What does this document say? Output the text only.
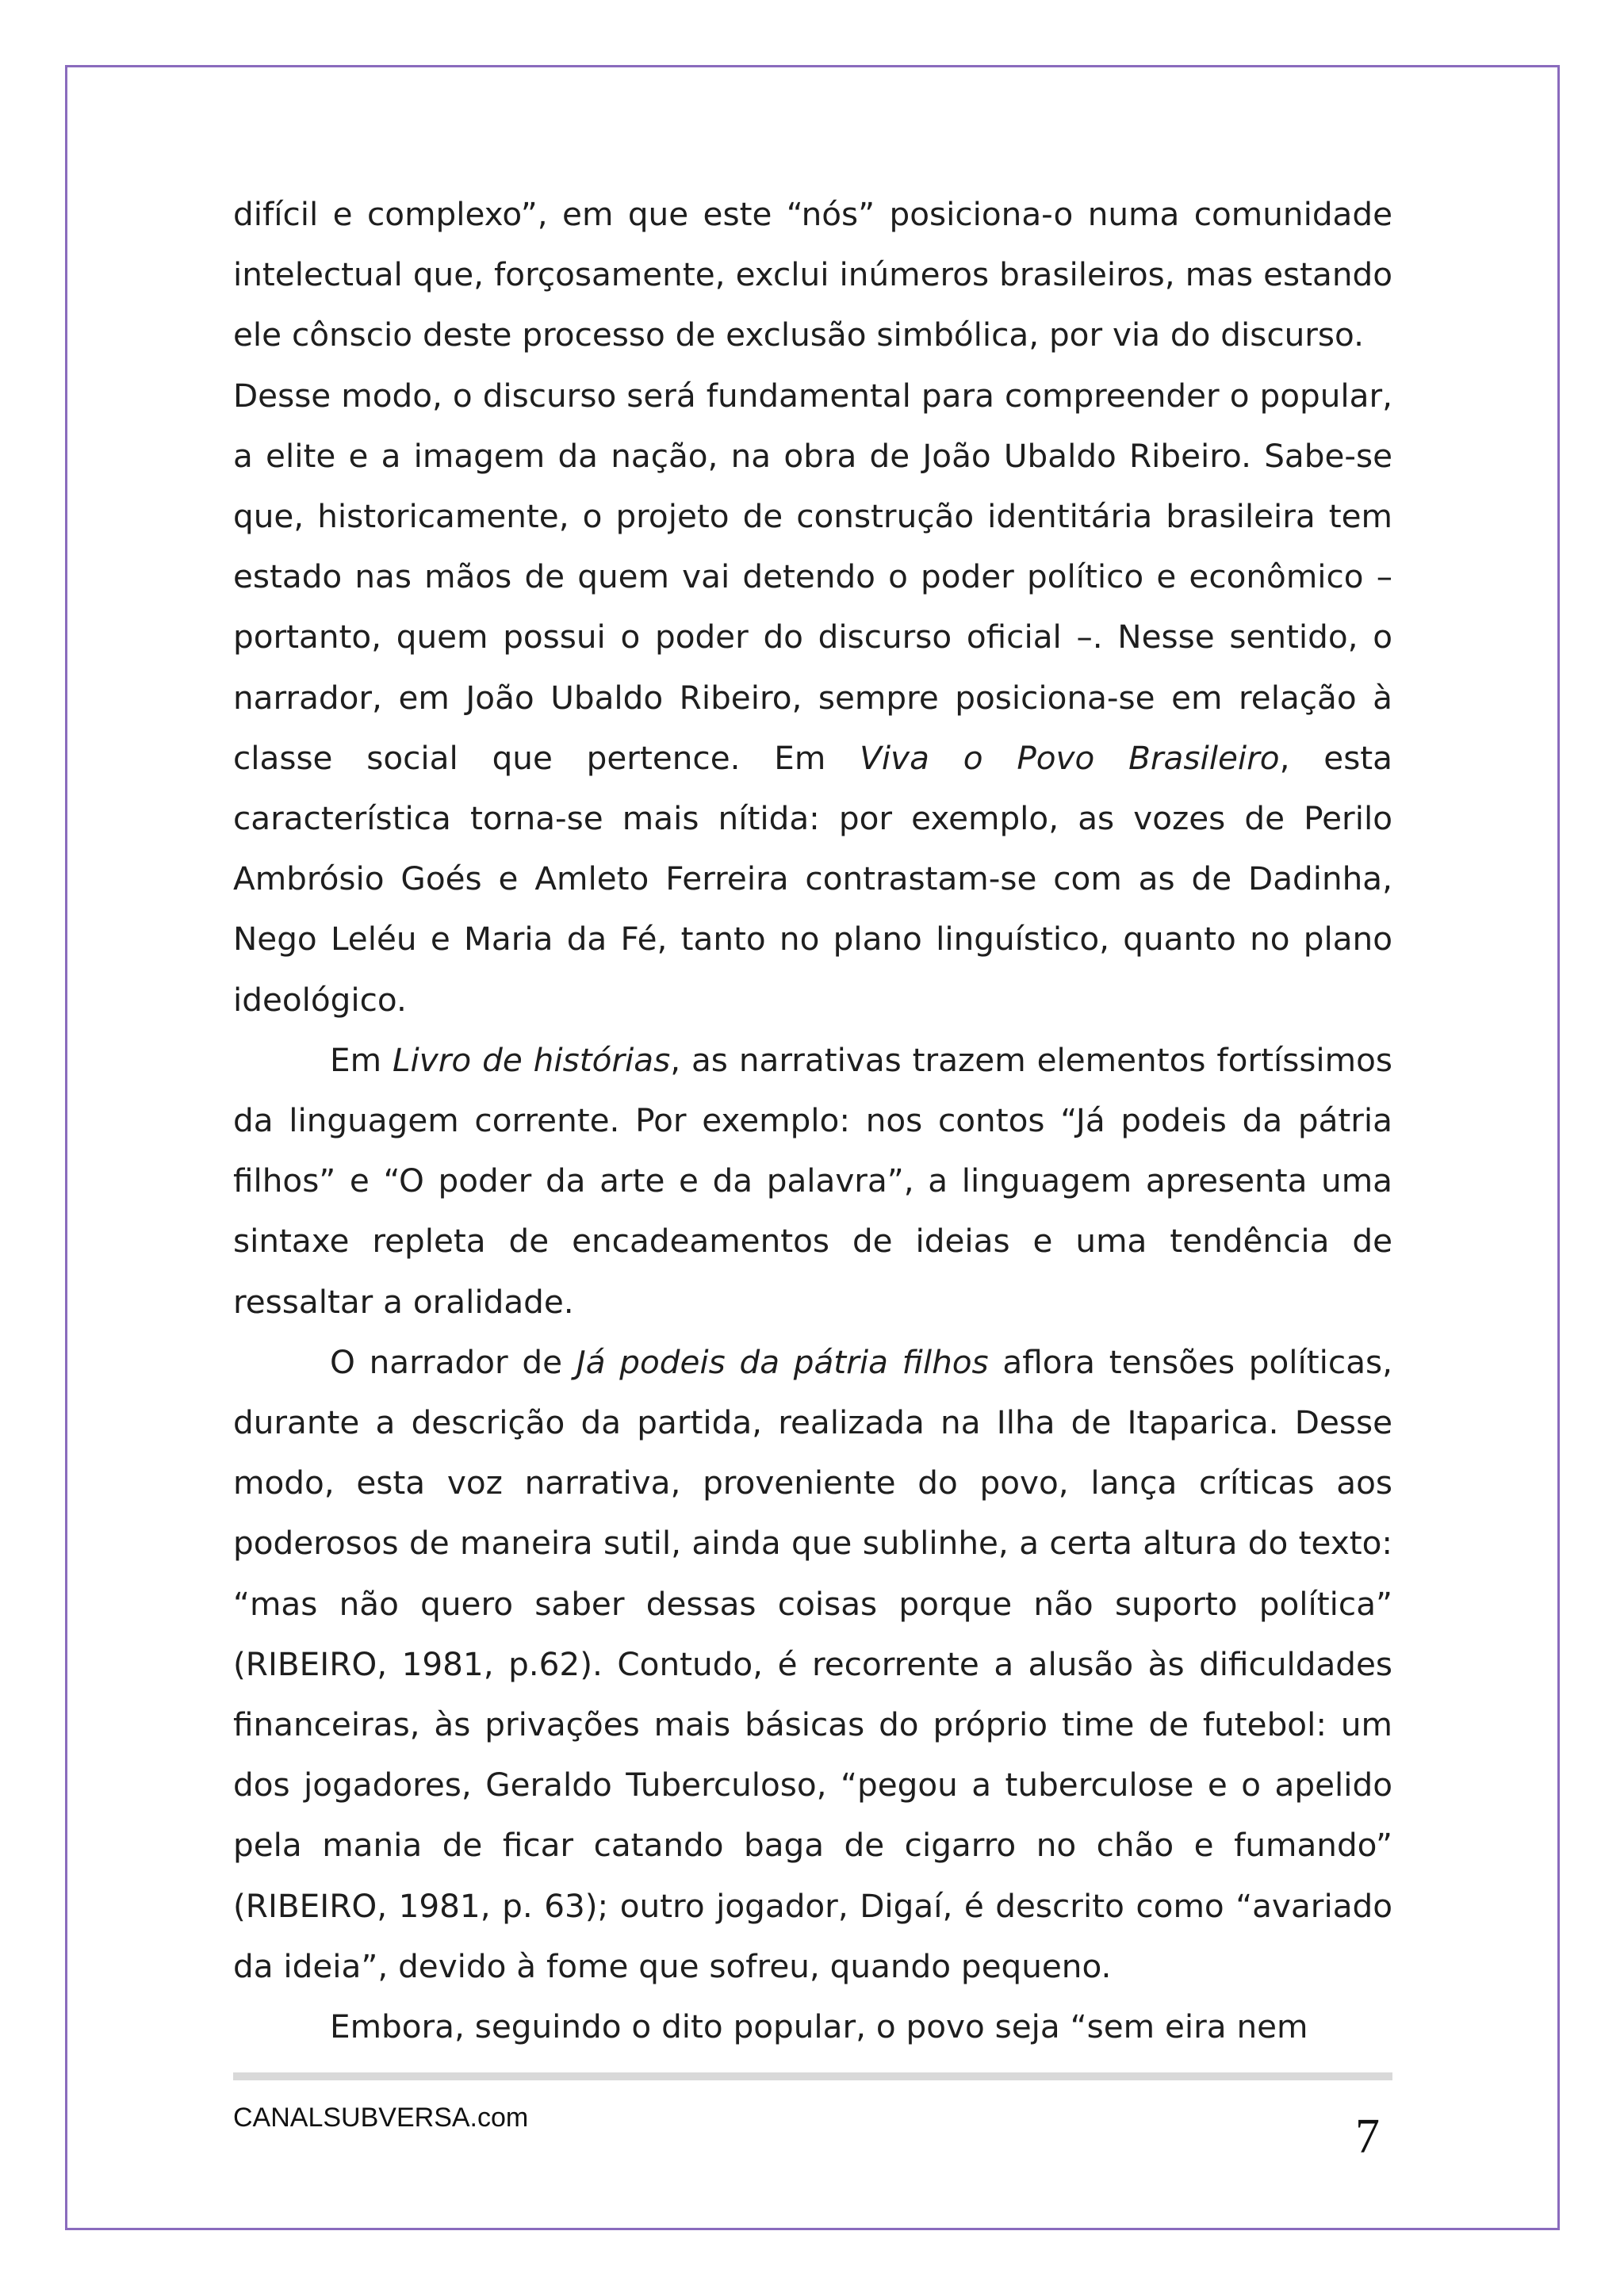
difícil e complexo”, em que este “nós” posiciona-o numa comunidade intelectual que, forçosamente, exclui inúmeros brasileiros, mas estando ele cônscio deste processo de exclusão simbólica, por via do discurso.

Desse modo, o discurso será fundamental para compreender o popular, a elite e a imagem da nação, na obra de João Ubaldo Ribeiro. Sabe-se que, historicamente, o projeto de construção identitária brasileira tem estado nas mãos de quem vai detendo o poder político e econômico – portanto, quem possui o poder do discurso oficial –. Nesse sentido, o narrador, em João Ubaldo Ribeiro, sempre posiciona-se em relação à classe social que pertence. Em Viva o Povo Brasileiro, esta característica torna-se mais nítida: por exemplo, as vozes de Perilo Ambrósio Goés e Amleto Ferreira contrastam-se com as de Dadinha, Nego Leléu e Maria da Fé, tanto no plano linguístico, quanto no plano ideológico.

Em Livro de histórias, as narrativas trazem elementos fortíssimos da linguagem corrente. Por exemplo: nos contos “Já podeis da pátria filhos” e “O poder da arte e da palavra”, a linguagem apresenta uma sintaxe repleta de encadeamentos de ideias e uma tendência de ressaltar a oralidade.

O narrador de Já podeis da pátria filhos aflora tensões políticas, durante a descrição da partida, realizada na Ilha de Itaparica. Desse modo, esta voz narrativa, proveniente do povo, lança críticas aos poderosos de maneira sutil, ainda que sublinhe, a certa altura do texto: “mas não quero saber dessas coisas porque não suporto política” (RIBEIRO, 1981, p.62). Contudo, é recorrente a alusão às dificuldades financeiras, às privações mais básicas do próprio time de futebol: um dos jogadores, Geraldo Tuberculoso, “pegou a tuberculose e o apelido pela mania de ficar catando baga de cigarro no chão e fumando” (RIBEIRO, 1981, p. 63); outro jogador, Digaí, é descrito como “avariado da ideia”, devido à fome que sofreu, quando pequeno.

Embora, seguindo o dito popular, o povo seja “sem eira nem

CANALSUBVERSA.com	7
